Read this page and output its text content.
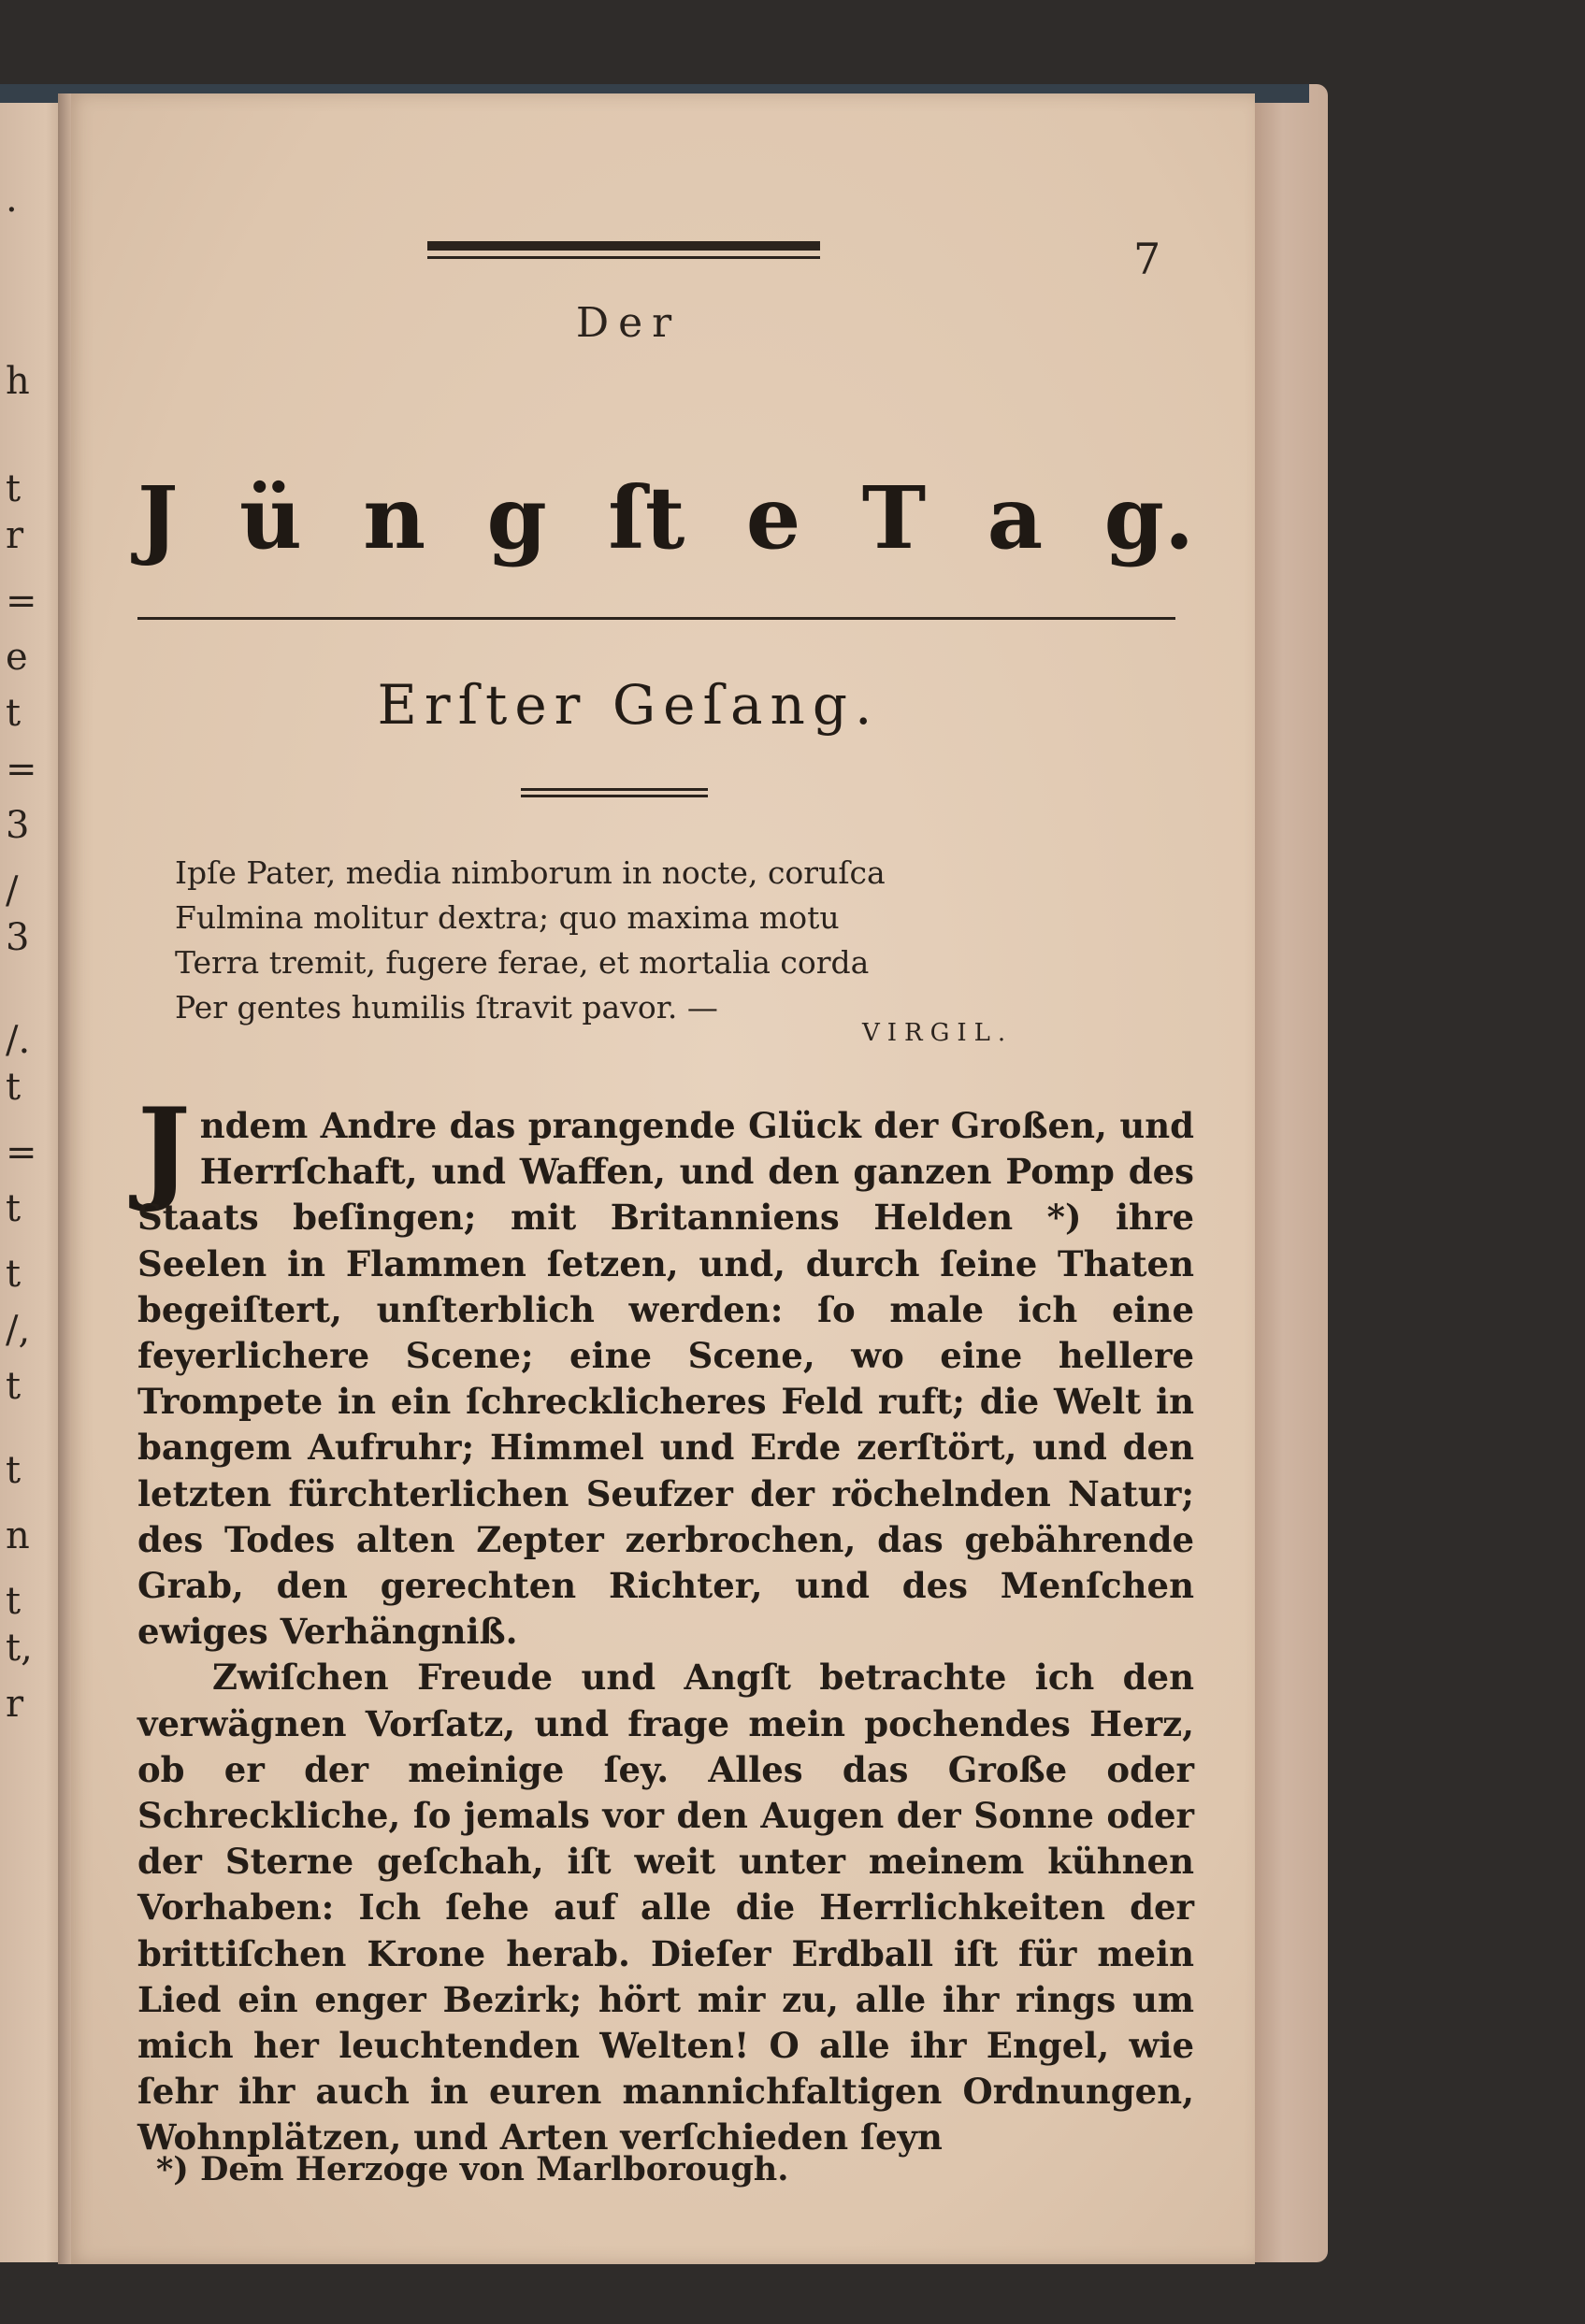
.
h
t
r
=
e
t
=
3
/
3
/.
t
=
t
t
/,
t
t
n
t
t,
r
7
Der
J ü n g ſt e T a g.
Erſter Geſang.
Ipſe Pater, media nimborum in nocte, coruſca
Fulmina molitur dextra; quo maxima motu
Terra tremit, fugere ferae, et mortalia corda
Per gentes humilis ſtravit pavor. —
VIRGIL.

Jndem Andre das prangende Glück der Großen, und Herrſchaft, und Waffen, und den ganzen Pomp des Staats beſingen; mit Britanniens Helden *) ihre Seelen in Flammen ſetzen, und, durch ſeine Thaten begeiſtert, unſterblich werden: ſo male ich eine feyerlichere Scene; eine Scene, wo eine hellere Trompete in ein ſchrecklicheres Feld ruft; die Welt in bangem Aufruhr; Himmel und Erde zerſtört, und den letzten fürchterlichen Seufzer der röchelnden Natur; des Todes alten Zepter zerbrochen, das gebährende Grab, den gerechten Richter, und des Menſchen ewiges Verhängniß.

Zwiſchen Freude und Angſt betrachte ich den verwägnen Vorſatz, und frage mein pochendes Herz, ob er der meinige ſey. Alles das Große oder Schreckliche, ſo jemals vor den Augen der Sonne oder der Sterne geſchah, iſt weit unter meinem kühnen Vorhaben: Ich ſehe auf alle die Herrlichkeiten der brittiſchen Krone herab. Dieſer Erdball iſt für mein Lied ein enger Bezirk; hört mir zu, alle ihr rings um mich her leuchtenden Welten! O alle ihr Engel, wie ſehr ihr auch in euren mannichfaltigen Ordnungen, Wohnplätzen, und Arten verſchieden ſeyn

*) Dem Herzoge von Marlborough.
